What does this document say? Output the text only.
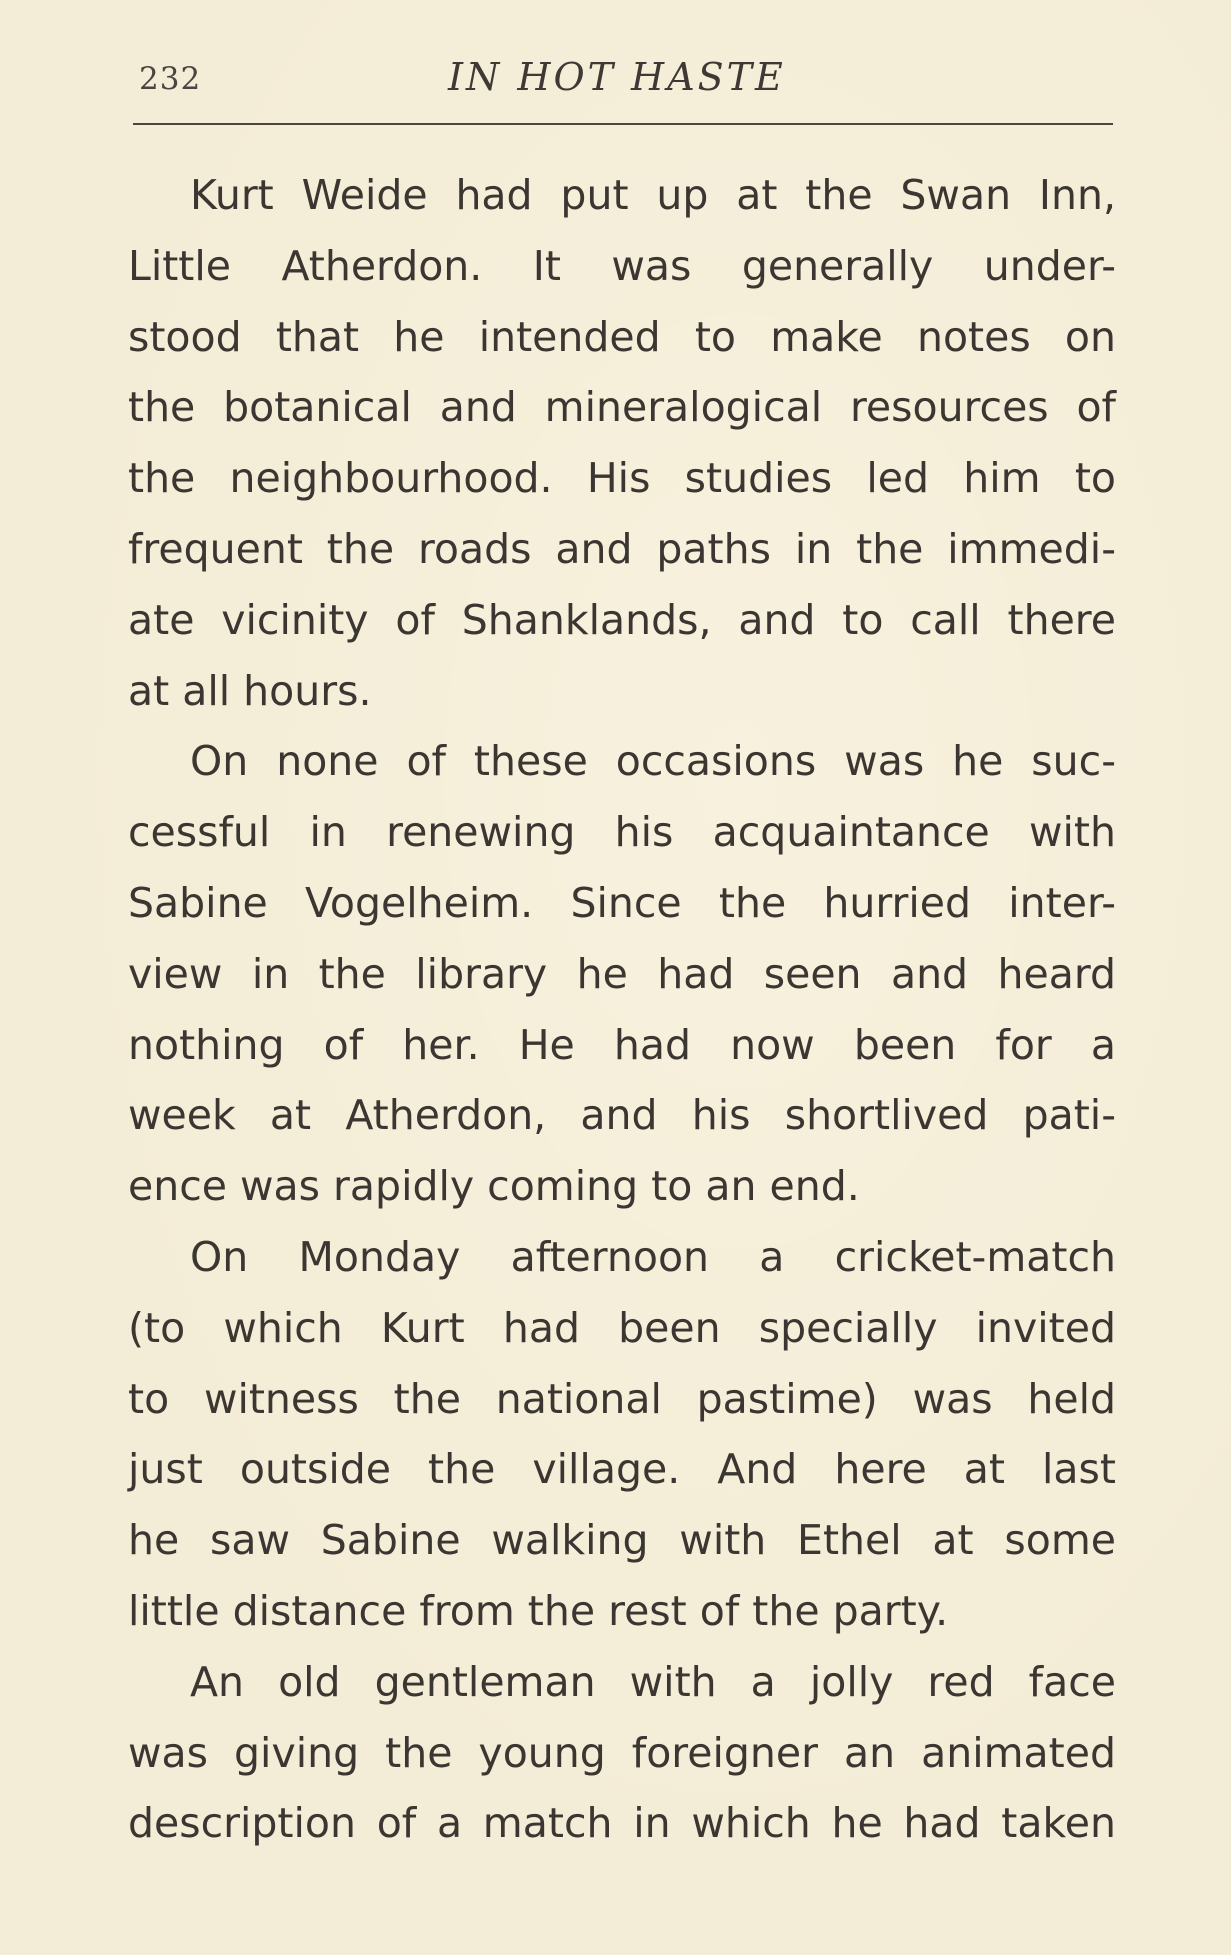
232	IN HOT HASTE
Kurt Weide had put up at the Swan Inn,
Little Atherdon. It was generally under-
stood that he intended to make notes on
the botanical and mineralogical resources of
the neighbourhood. His studies led him to
frequent the roads and paths in the immedi-
ate vicinity of Shanklands, and to call there
at all hours.
On none of these occasions was he suc-
cessful in renewing his acquaintance with
Sabine Vogelheim. Since the hurried inter-
view in the library he had seen and heard
nothing of her. He had now been for a
week at Atherdon, and his shortlived pati-
ence was rapidly coming to an end.
On Monday afternoon a cricket-match
(to which Kurt had been specially invited
to witness the national pastime) was held
just outside the village. And here at last
he saw Sabine walking with Ethel at some
little distance from the rest of the party.
An old gentleman with a jolly red face
was giving the young foreigner an animated
description of a match in which he had taken
